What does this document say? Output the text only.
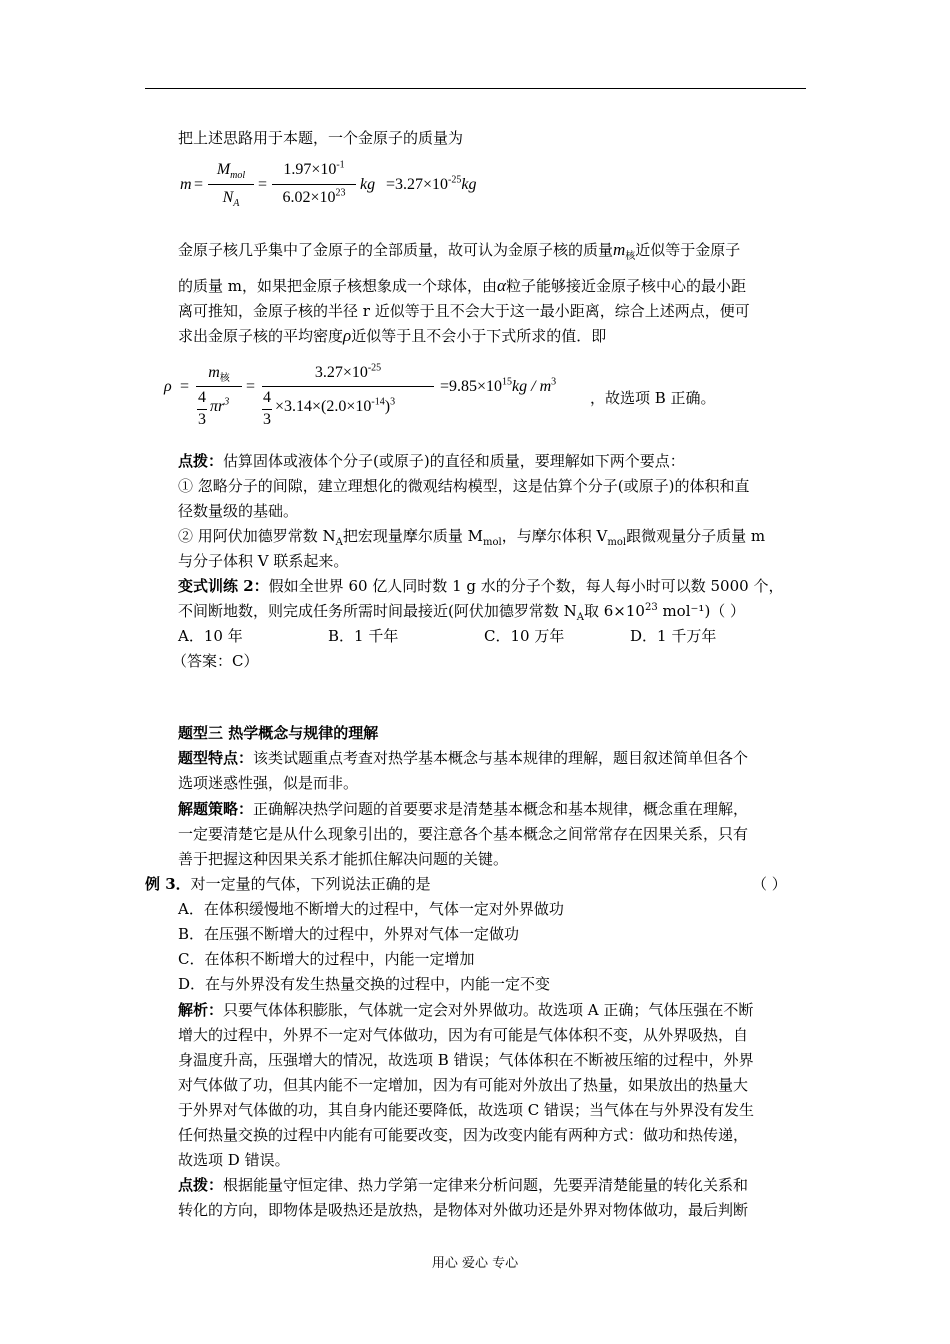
把上述思路用于本题，一个金原子的质量为
m =
$M_{mol}$
$N_A$
=
$1.97\times 10^{-1}$
$6.02\times 10^{23}$
kg $=3.27\times 10^{-25}kg$
金原子核几乎集中了金原子的全部质量，故可认为金原子核的质量$m_核$近似等于金原子
的质量 m，如果把金原子核想象成一个球体，由α粒子能够接近金原子核中心的最小距
离可推知，金原子核的半径 r 近似等于且不会大于这一最小距离，综合上述两点，便可
求出金原子核的平均密度ρ近似等于且不会小于下式所求的值．即
ρ =
$m_核$
4
3
$\pi r^3$
=
$3.27\times 10^{-25}$
4
3
$\times 3.14\times(2.0\times 10^{-14})^3$
$=9.85\times 10^{15}kg / m^3$
，故选项 B 正确。
点拨：估算固体或液体个分子(或原子)的直径和质量，要理解如下两个要点：
① 忽略分子的间隙，建立理想化的微观结构模型，这是估算个分子(或原子)的体积和直
径数量级的基础。
② 用阿伏加德罗常数 $N_A$把宏现量摩尔质量 $M_{mol}$，与摩尔体积 $V_{mol}$跟微观量分子质量 m
与分子体积 V 联系起来。
变式训练 2：假如全世界 60 亿人同时数 1 g 水的分子个数，每人每小时可以数 5000 个，
不间断地数，则完成任务所需时间最接近(阿伏加德罗常数 $N_A$取 $6\times 10^{23}$ mol⁻¹)（ ）
A．10 年	B．1 千年	C．10 万年	D．1 千万年
（答案：C）
题型三 热学概念与规律的理解
题型特点：该类试题重点考查对热学基本概念与基本规律的理解，题目叙述简单但各个
选项迷惑性强，似是而非。
解题策略：正确解决热学问题的首要要求是清楚基本概念和基本规律，概念重在理解，
一定要清楚它是从什么现象引出的，要注意各个基本概念之间常常存在因果关系，只有
善于把握这种因果关系才能抓住解决问题的关键。
例 3．对一定量的气体，下列说法正确的是	（ ）
A．在体积缓慢地不断增大的过程中，气体一定对外界做功
B．在压强不断增大的过程中，外界对气体一定做功
C．在体积不断增大的过程中，内能一定增加
D．在与外界没有发生热量交换的过程中，内能一定不变
解析：只要气体体积膨胀，气体就一定会对外界做功。故选项 A 正确；气体压强在不断
增大的过程中，外界不一定对气体做功，因为有可能是气体体积不变，从外界吸热，自
身温度升高，压强增大的情况，故选项 B 错误；气体体积在不断被压缩的过程中，外界
对气体做了功，但其内能不一定增加，因为有可能对外放出了热量，如果放出的热量大
于外界对气体做的功，其自身内能还要降低，故选项 C 错误；当气体在与外界没有发生
任何热量交换的过程中内能有可能要改变，因为改变内能有两种方式：做功和热传递，
故选项 D 错误。
点拨：根据能量守恒定律、热力学第一定律来分析问题，先要弄清楚能量的转化关系和
转化的方向，即物体是吸热还是放热，是物体对外做功还是外界对物体做功，最后判断
用心 爱心 专心
